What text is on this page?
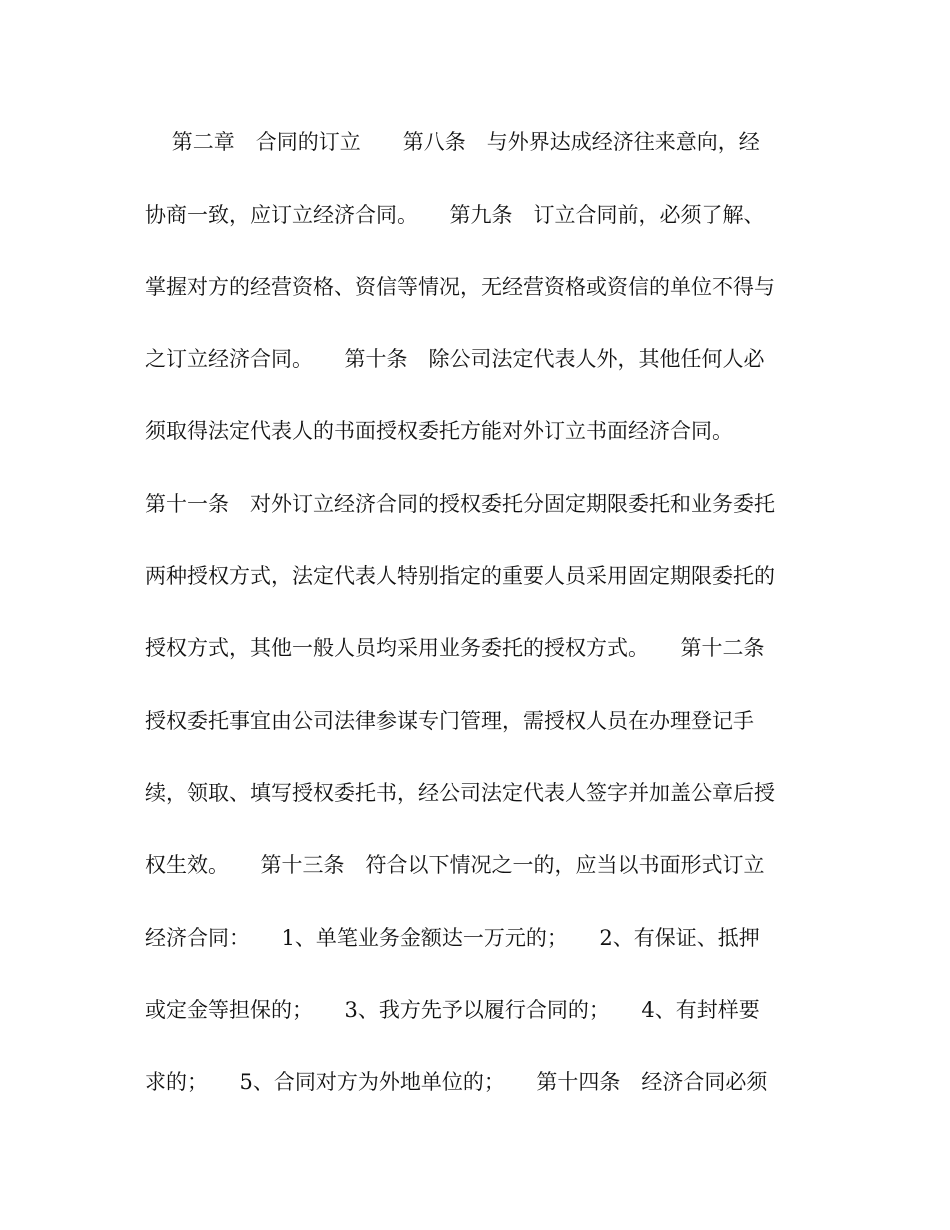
第二章　合同的订立　　第八条　与外界达成经济往来意向，经
协商一致，应订立经济合同。　　第九条　订立合同前，必须了解、
掌握对方的经营资格、资信等情况，无经营资格或资信的单位不得与
之订立经济合同。　　第十条　除公司法定代表人外，其他任何人必
须取得法定代表人的书面授权委托方能对外订立书面经济合同。
第十一条　对外订立经济合同的授权委托分固定期限委托和业务委托
两种授权方式，法定代表人特别指定的重要人员采用固定期限委托的
授权方式，其他一般人员均采用业务委托的授权方式。　　第十二条
授权委托事宜由公司法律参谋专门管理，需授权人员在办理登记手
续，领取、填写授权委托书，经公司法定代表人签字并加盖公章后授
权生效。　　第十三条　符合以下情况之一的，应当以书面形式订立
经济合同：　　1、单笔业务金额达一万元的；　　2、有保证、抵押
或定金等担保的；　　3、我方先予以履行合同的；　　4、有封样要
求的；　　5、合同对方为外地单位的；　　第十四条　经济合同必须
